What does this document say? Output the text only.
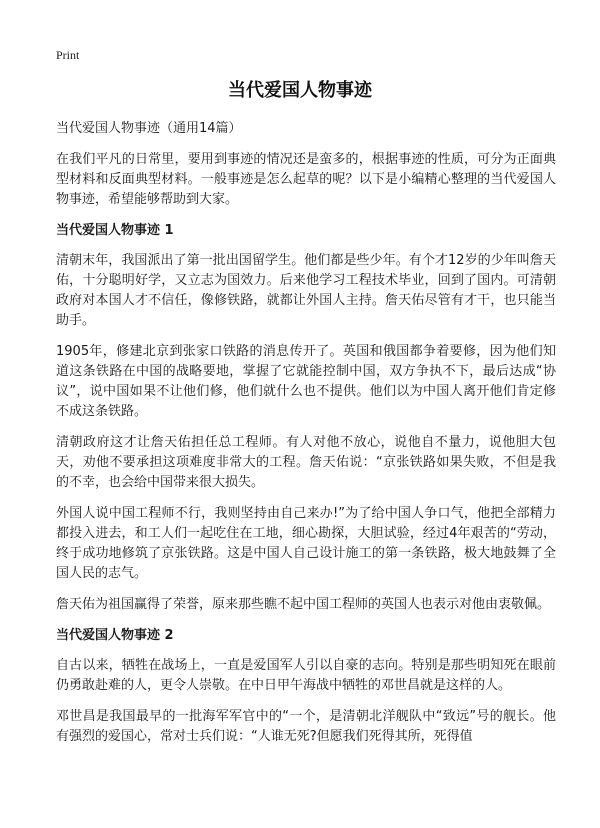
Print
当代爱国人物事迹

当代爱国人物事迹（通用14篇）

在我们平凡的日常里，要用到事迹的情况还是蛮多的，根据事迹的性质，可分为正面典型材料和反面典型材料。一般事迹是怎么起草的呢？以下是小编精心整理的当代爱国人物事迹，希望能够帮助到大家。

当代爱国人物事迹 1

清朝末年，我国派出了第一批出国留学生。他们都是些少年。有个才12岁的少年叫詹天佑，十分聪明好学，又立志为国效力。后来他学习工程技术毕业，回到了国内。可清朝政府对本国人才不信任，像修铁路，就都让外国人主持。詹天佑尽管有才干，也只能当助手。

1905年，修建北京到张家口铁路的消息传开了。英国和俄国都争着要修，因为他们知道这条铁路在中国的战略要地，掌握了它就能控制中国，双方争执不下，最后达成“协议”，说中国如果不让他们修，他们就什么也不提供。他们以为中国人离开他们肯定修不成这条铁路。

清朝政府这才让詹天佑担任总工程师。有人对他不放心，说他自不量力，说他胆大包天，劝他不要承担这项难度非常大的工程。詹天佑说：“京张铁路如果失败，不但是我的不幸，也会给中国带来很大损失。

外国人说中国工程师不行，我则坚持由自己来办!”为了给中国人争口气，他把全部精力都投入进去，和工人们一起吃住在工地，细心勘探，大胆试验，经过4年艰苦的“劳动，终于成功地修筑了京张铁路。这是中国人自己设计施工的第一条铁路，极大地鼓舞了全国人民的志气。

詹天佑为祖国赢得了荣誉，原来那些瞧不起中国工程师的英国人也表示对他由衷敬佩。

当代爱国人物事迹 2

自古以来，牺牲在战场上，一直是爱国军人引以自豪的志向。特别是那些明知死在眼前仍勇敢赴难的人，更令人崇敬。在中日甲午海战中牺牲的邓世昌就是这样的人。

邓世昌是我国最早的一批海军军官中的“一个，是清朝北洋舰队中“致远”号的舰长。他有强烈的爱国心，常对士兵们说：“人谁无死?但愿我们死得其所，死得值
